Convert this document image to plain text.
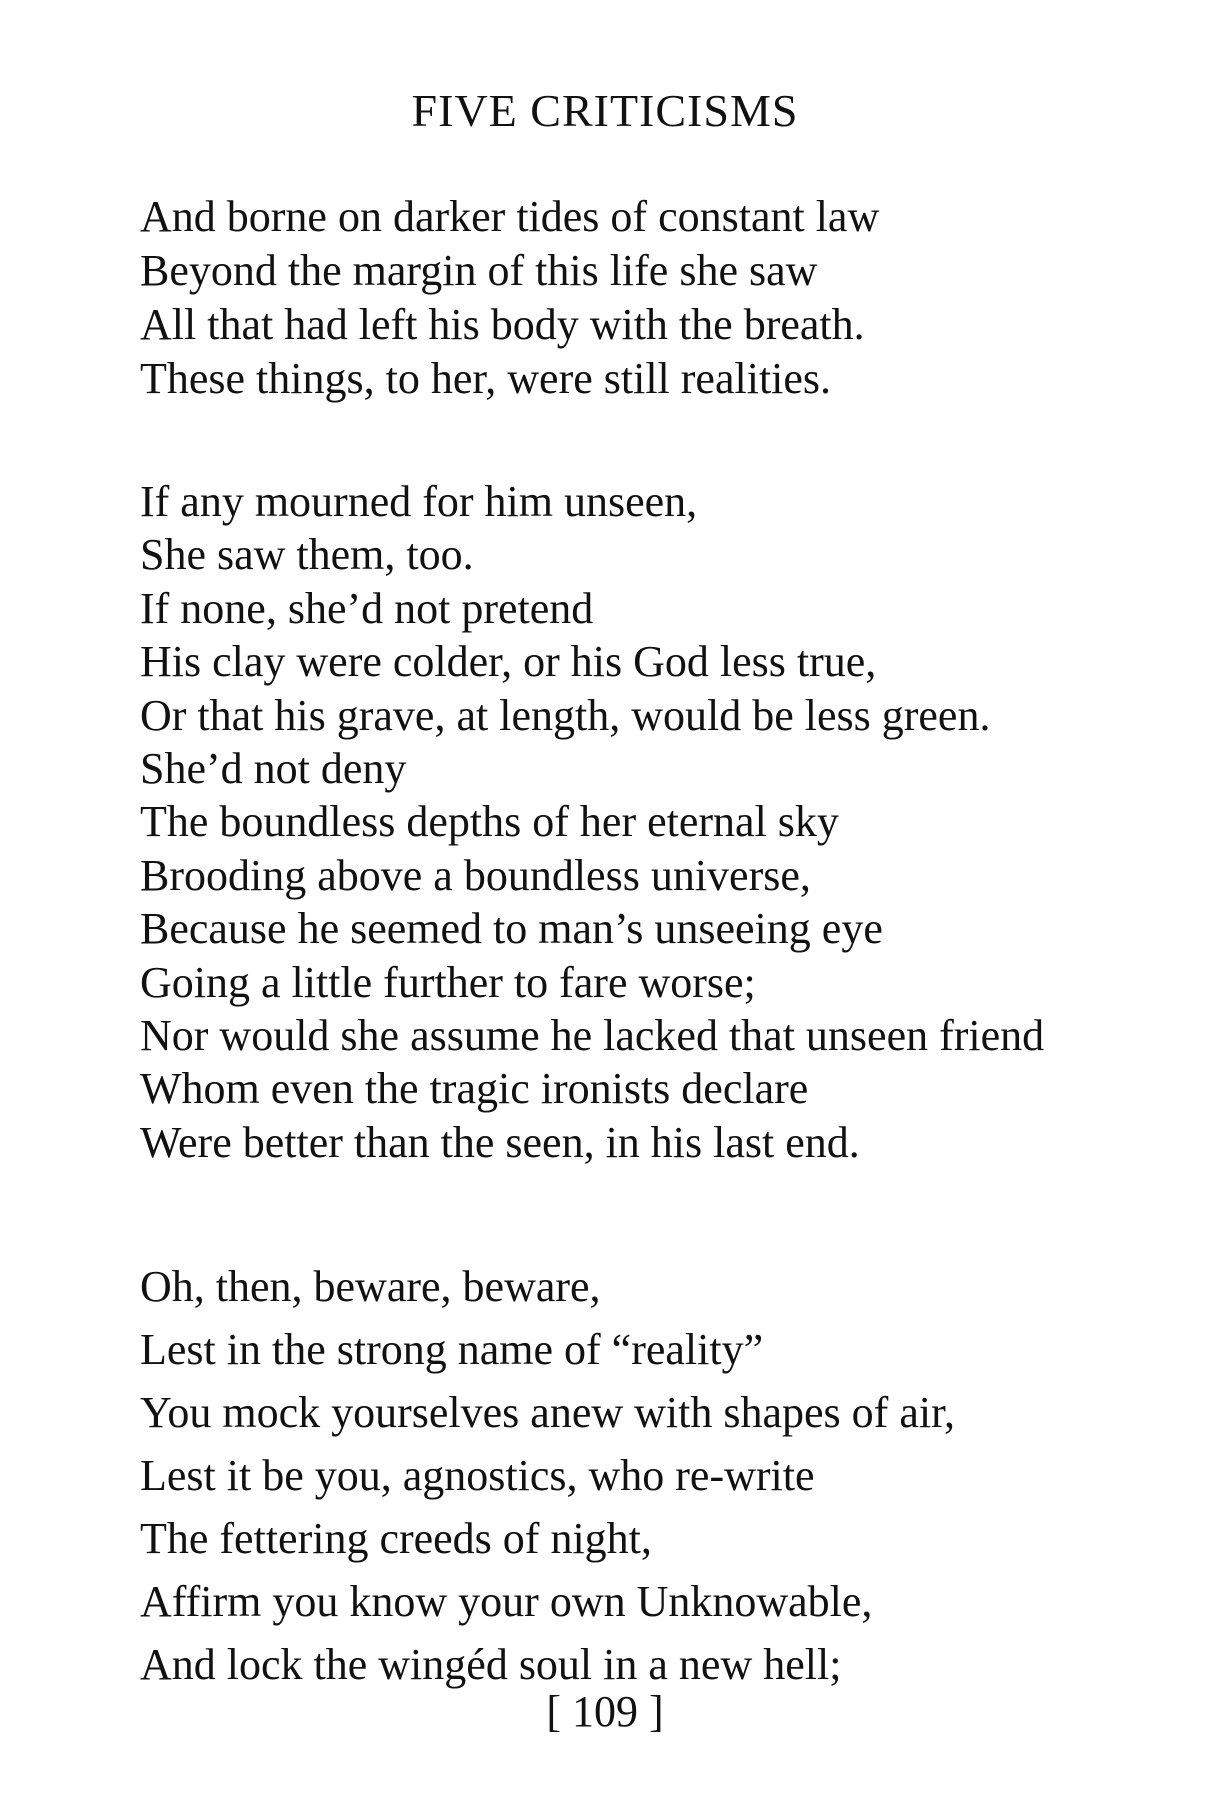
FIVE CRITICISMS
And borne on darker tides of constant law
Beyond the margin of this life she saw
All that had left his body with the breath.
These things, to her, were still realities.
If any mourned for him unseen,
She saw them, too.
If none, she’d not pretend
His clay were colder, or his God less true,
Or that his grave, at length, would be less green.
She’d not deny
The boundless depths of her eternal sky
Brooding above a boundless universe,
Because he seemed to man’s unseeing eye
Going a little further to fare worse;
Nor would she assume he lacked that unseen friend
Whom even the tragic ironists declare
Were better than the seen, in his last end.
Oh, then, beware, beware,
Lest in the strong name of “reality”
You mock yourselves anew with shapes of air,
Lest it be you, agnostics, who re-write
The fettering creeds of night,
Affirm you know your own Unknowable,
And lock the wingéd soul in a new hell;
[ 109 ]
